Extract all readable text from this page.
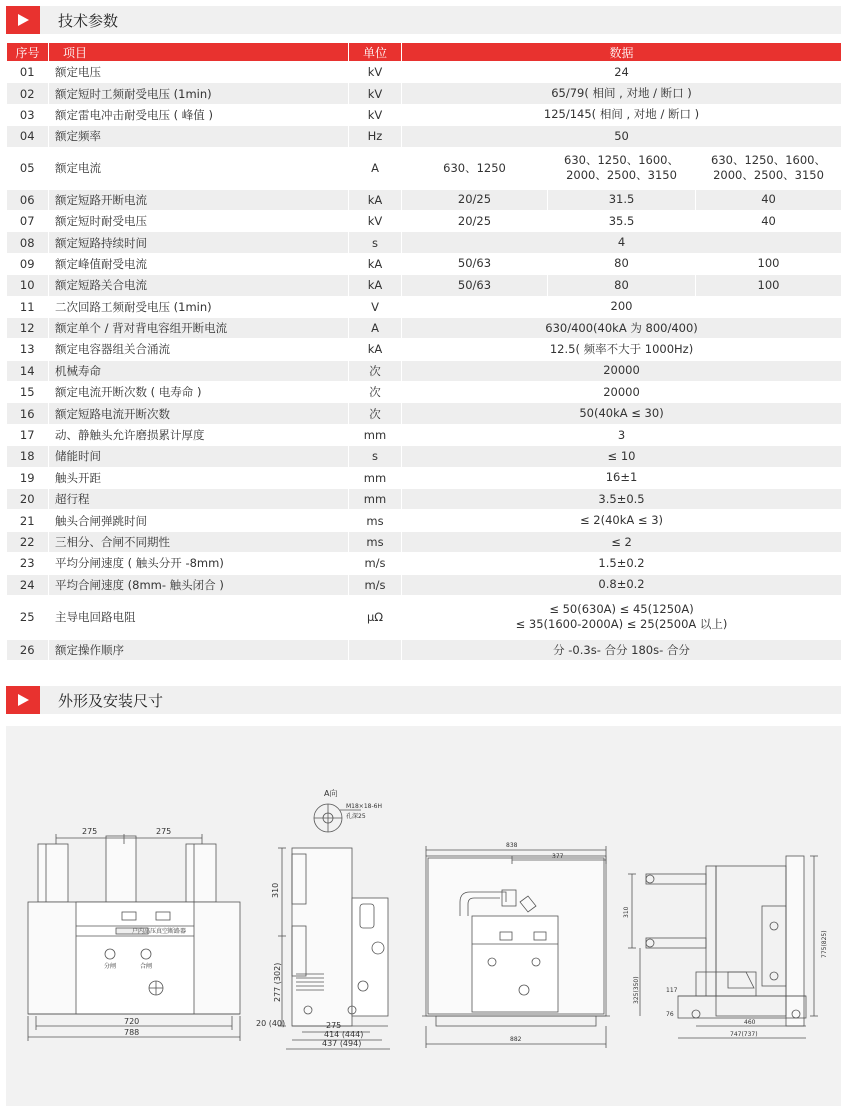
技术参数
序号	项目	单位	数据		
01	额定电压	kV	24		
02	额定短时工频耐受电压 (1min)	kV	65/79( 相间 , 对地 / 断口 )		
03	额定雷电冲击耐受电压 ( 峰值 )	kV	125/145( 相间 , 对地 / 断口 )		
04	额定频率	Hz	50		
05	额定电流	A	630、1250	630、1250、1600、2000、2500、3150	630、1250、1600、2000、2500、3150
06	额定短路开断电流	kA	20/25	31.5	40
07	额定短时耐受电压	kV	20/25	35.5	40
08	额定短路持续时间	s	4		
09	额定峰值耐受电流	kA	50/63	80	100
10	额定短路关合电流	kA	50/63	80	100
11	二次回路工频耐受电压 (1min)	V	200		
12	额定单个 / 背对背电容组开断电流	A	630/400(40kA 为 800/400)		
13	额定电容器组关合涌流	kA	12.5( 频率不大于 1000Hz)		
14	机械寿命	次	20000		
15	额定电流开断次数 ( 电寿命 )	次	20000		
16	额定短路电流开断次数	次	50(40kA ≤ 30)		
17	动、静触头允许磨损累计厚度	mm	3		
18	储能时间	s	≤ 10		
19	触头开距	mm	16±1		
20	超行程	mm	3.5±0.5		
21	触头合闸弹跳时间	ms	≤ 2(40kA ≤ 3)		
22	三相分、合闸不同期性	ms	≤ 2		
23	平均分闸速度 ( 触头分开 -8mm)	m/s	1.5±0.2		
24	平均合闸速度 (8mm- 触头闭合 )	m/s	0.8±0.2		
25	主导电回路电阻	μΩ	≤ 50(630A) ≤ 45(1250A)
≤ 35(1600-2000A) ≤ 25(2500A 以上)		

26	额定操作顺序		分 -0.3s- 合分 180s- 合分		
外形及安装尺寸
275	275
720
788
户内高压真空断路器
分闸	合闸
A向
M18×18-6H
孔深25
310
277 (302)
20 (40)	275
414 (444)
437 (494)
838
377
882
310
325(350)
775(825)
76
117
460
747(737)
